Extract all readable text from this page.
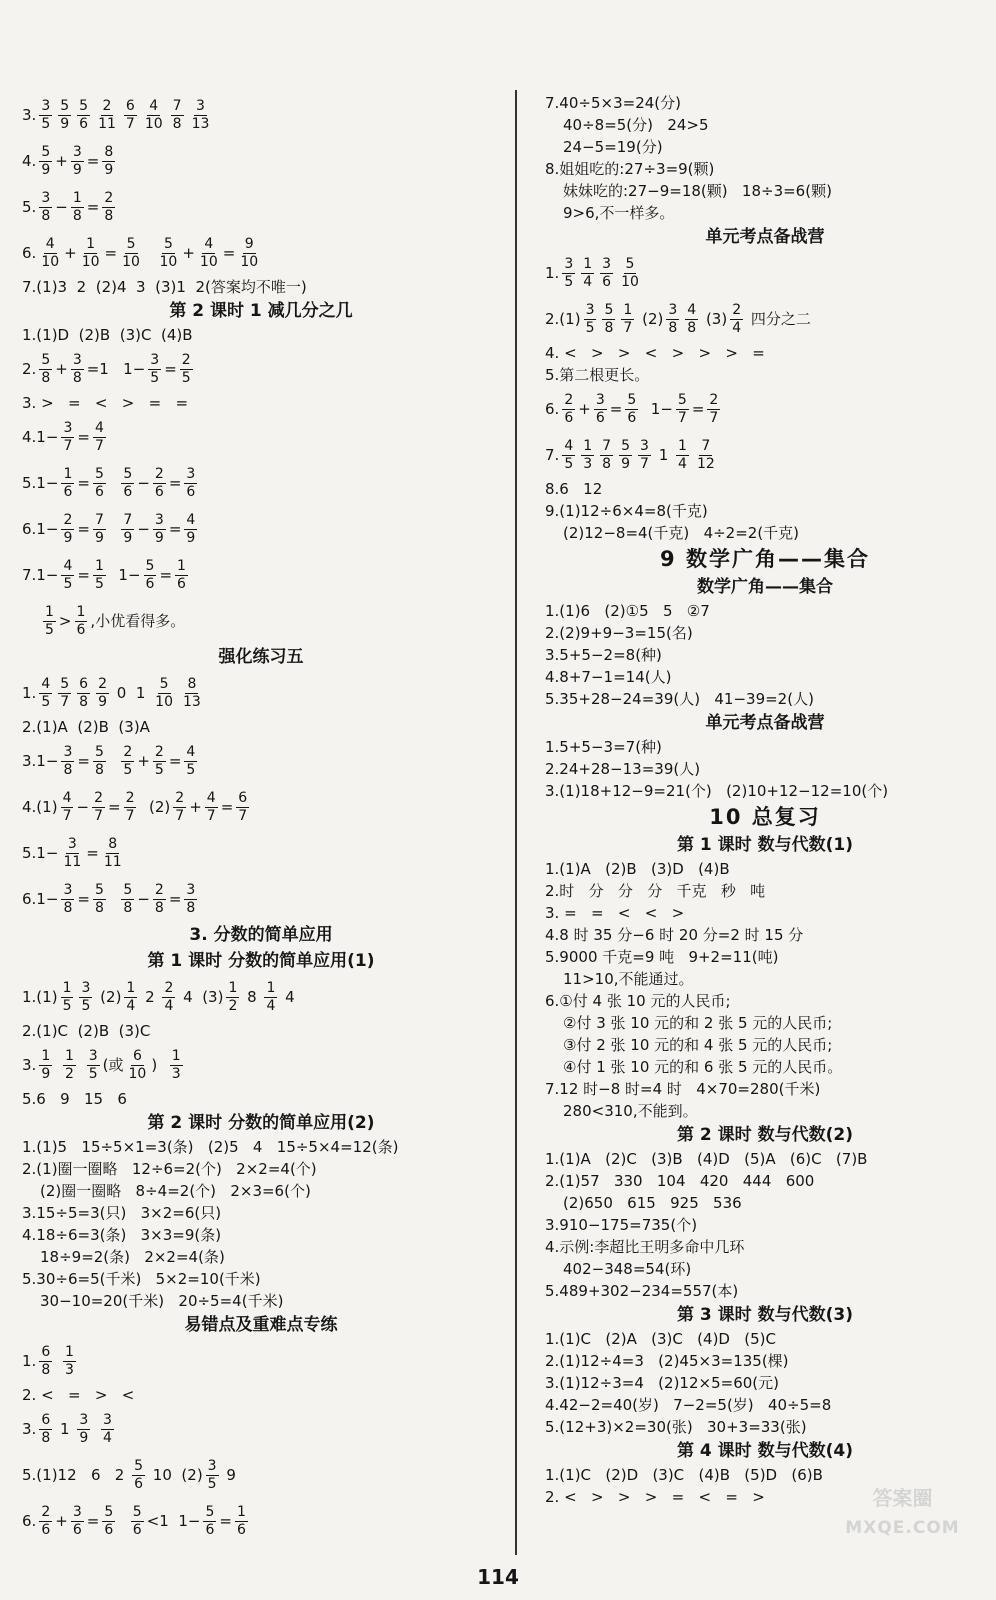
3. $\frac{3}{5} \frac{5}{9} \frac{5}{6} \frac{2}{11} \frac{6}{7} \frac{4}{10} \frac{7}{8} \frac{3}{13}$
4. $\frac{5}{9} + \frac{3}{9} = \frac{8}{9}$
5. $\frac{3}{8} - \frac{1}{8} = \frac{2}{8}$
6. $\frac{4}{10} + \frac{1}{10} = \frac{5}{10}$
$\frac{5}{10} + \frac{4}{10} = \frac{9}{10}$
7.(1)3  2  (2)4  3  (3)1  2(答案均不唯一)
第 2 课时 1 减几分之几
1.(1)D  (2)B  (3)C  (4)B
2. $\frac{5}{8} + \frac{3}{8} =1$   $1- \frac{3}{5} = \frac{2}{5}$
3. >   =   <   >   =   =
$4.1- \frac{3}{7} = \frac{4}{7}$
$5.1- \frac{1}{6} = \frac{5}{6}$
$\frac{5}{6} - \frac{2}{6} = \frac{3}{6}$
$6.1- \frac{2}{9} = \frac{7}{9}$
$\frac{7}{9} - \frac{3}{9} = \frac{4}{9}$
$7.1- \frac{4}{5} = \frac{1}{5} 1- \frac{5}{6} = \frac{1}{6}$
$\frac{1}{5} > \frac{1}{6}$ ,小优看得多。
强化练习五
1. $\frac{4}{5} \frac{5}{7} \frac{6}{8} \frac{2}{9} 0$  $1 \frac{5}{10} \frac{8}{13}$
2.(1)A  (2)B  (3)A
$3.1- \frac{3}{8} = \frac{5}{8}$
$\frac{2}{5} + \frac{2}{5} = \frac{4}{5}$
$4.(1) \frac{4}{7} - \frac{2}{7} = \frac{2}{7} (2) \frac{2}{7} + \frac{4}{7} = \frac{6}{7}$
$5.1- \frac{3}{11} = \frac{8}{11}$
$6.1- \frac{3}{8} = \frac{5}{8}$
$\frac{5}{8} - \frac{2}{8} = \frac{3}{8}$
3. 分数的简单应用
第 1 课时 分数的简单应用(1)
$1.(1) \frac{1}{5} \frac{3}{5} (2) \frac{1}{4} 2 \frac{2}{4} 4$  $(3) \frac{1}{2} 8 \frac{1}{4} 4$
2.(1)C  (2)B  (3)C
3. $\frac{1}{9}$
$\frac{1}{2}$
$\frac{3}{5}$ (或 $\frac{6}{10}$ ) $\frac{1}{3}$
5.6   9   15   6
第 2 课时 分数的简单应用(2)
1.(1)5   15÷5×1=3(条)   (2)5   4   15÷5×4=12(条)
2.(1)圈一圈略   12÷6=2(个)   2×2=4(个)
(2)圈一圈略   8÷4=2(个)   2×3=6(个)
3.15÷5=3(只)   3×2=6(只)
4.18÷6=3(条)   3×3=9(条)
18÷9=2(条)   2×2=4(条)
5.30÷6=5(千米)   5×2=10(千米)
30−10=20(千米)   20÷5=4(千米)
易错点及重难点专练
1. $\frac{6}{8}$
$\frac{1}{3}$
2. <   =   >   <
3. $\frac{6}{8} 1 \frac{3}{9}$
$\frac{3}{4}$
5.(1)12   6   $2 \frac{5}{6} 10$  $(2) \frac{3}{5} 9$
6. $\frac{2}{6} + \frac{3}{6} = \frac{5}{6}$
$\frac{5}{6} <1$  $1- \frac{5}{6} = \frac{1}{6}$
7.40÷5×3=24(分)
40÷8=5(分)   24>5
24−5=19(分)
8.姐姐吃的:27÷3=9(颗)
妹妹吃的:27−9=18(颗)   18÷3=6(颗)
9>6,不一样多。
单元考点备战营
1. $\frac{3}{5} \frac{1}{4} \frac{3}{6} \frac{5}{10}$
$2.(1) \frac{3}{5} \frac{5}{8} \frac{1}{7} (2) \frac{3}{8} \frac{4}{8} (3) \frac{2}{4}$ 四分之二
4. <   >   >   <   >   >   >   =
5.第二根更长。
6. $\frac{2}{6} + \frac{3}{6} = \frac{5}{6} 1- \frac{5}{7} = \frac{2}{7}$
7. $\frac{4}{5} \frac{1}{3} \frac{7}{8} \frac{5}{9} \frac{3}{7} 1 \frac{1}{4} \frac{7}{12}$
8.6   12
9.(1)12÷6×4=8(千克)
(2)12−8=4(千克)   4÷2=2(千克)
9 数学广角——集合
数学广角——集合
1.(1)6   (2)①5   5   ②7
2.(2)9+9−3=15(名)
3.5+5−2=8(种)
4.8+7−1=14(人)
5.35+28−24=39(人)   41−39=2(人)
单元考点备战营
1.5+5−3=7(种)
2.24+28−13=39(人)
3.(1)18+12−9=21(个)   (2)10+12−12=10(个)
10 总复习
第 1 课时 数与代数(1)
1.(1)A   (2)B   (3)D   (4)B
2.时   分   分   分   千克   秒   吨
3. =   =   <   <   >
4.8 时 35 分−6 时 20 分=2 时 15 分
5.9000 千克=9 吨   9+2=11(吨)
11>10,不能通过。
6.①付 4 张 10 元的人民币;
②付 3 张 10 元的和 2 张 5 元的人民币;
③付 2 张 10 元的和 4 张 5 元的人民币;
④付 1 张 10 元的和 6 张 5 元的人民币。
7.12 时−8 时=4 时   4×70=280(千米)
280<310,不能到。
第 2 课时 数与代数(2)
1.(1)A   (2)C   (3)B   (4)D   (5)A   (6)C   (7)B
2.(1)57   330   104   420   444   600
(2)650   615   925   536
3.910−175=735(个)
4.示例:李超比王明多命中几环
402−348=54(环)
5.489+302−234=557(本)
第 3 课时 数与代数(3)
1.(1)C   (2)A   (3)C   (4)D   (5)C
2.(1)12÷4=3   (2)45×3=135(棵)
3.(1)12÷3=4   (2)12×5=60(元)
4.42−2=40(岁)   7−2=5(岁)   40÷5=8
5.(12+3)×2=30(张)   30+3=33(张)
第 4 课时 数与代数(4)
1.(1)C   (2)D   (3)C   (4)B   (5)D   (6)B
2. <   >   >   >   =   <   =   >	答案圈
MXQE.COM
114
